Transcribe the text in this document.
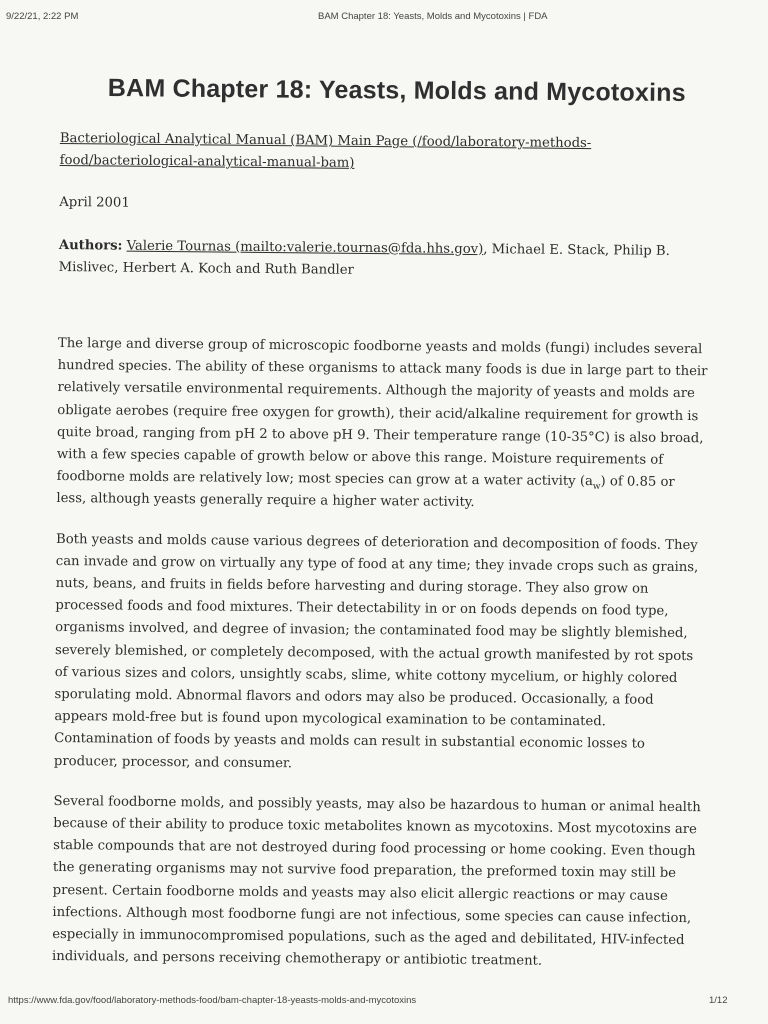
9/22/21, 2:22 PM	BAM Chapter 18: Yeasts, Molds and Mycotoxins | FDA
BAM Chapter 18: Yeasts, Molds and Mycotoxins

Bacteriological Analytical Manual (BAM) Main Page (/food/laboratory-methods-food/bacteriological-analytical-manual-bam)

April 2001

Authors: Valerie Tournas (mailto:valerie.tournas@fda.hhs.gov), Michael E. Stack, Philip B. Mislivec, Herbert A. Koch and Ruth Bandler

The large and diverse group of microscopic foodborne yeasts and molds (fungi) includes several hundred species. The ability of these organisms to attack many foods is due in large part to their relatively versatile environmental requirements. Although the majority of yeasts and molds are obligate aerobes (require free oxygen for growth), their acid/alkaline requirement for growth is quite broad, ranging from pH 2 to above pH 9. Their temperature range (10-35°C) is also broad, with a few species capable of growth below or above this range. Moisture requirements of foodborne molds are relatively low; most species can grow at a water activity $(a_w)$ of 0.85 or less, although yeasts generally require a higher water activity.

Both yeasts and molds cause various degrees of deterioration and decomposition of foods. They can invade and grow on virtually any type of food at any time; they invade crops such as grains, nuts, beans, and fruits in fields before harvesting and during storage. They also grow on processed foods and food mixtures. Their detectability in or on foods depends on food type, organisms involved, and degree of invasion; the contaminated food may be slightly blemished, severely blemished, or completely decomposed, with the actual growth manifested by rot spots of various sizes and colors, unsightly scabs, slime, white cottony mycelium, or highly colored sporulating mold. Abnormal flavors and odors may also be produced. Occasionally, a food appears mold-free but is found upon mycological examination to be contaminated. Contamination of foods by yeasts and molds can result in substantial economic losses to producer, processor, and consumer.

Several foodborne molds, and possibly yeasts, may also be hazardous to human or animal health because of their ability to produce toxic metabolites known as mycotoxins. Most mycotoxins are stable compounds that are not destroyed during food processing or home cooking. Even though the generating organisms may not survive food preparation, the preformed toxin may still be present. Certain foodborne molds and yeasts may also elicit allergic reactions or may cause infections. Although most foodborne fungi are not infectious, some species can cause infection, especially in immunocompromised populations, such as the aged and debilitated, HIV-infected individuals, and persons receiving chemotherapy or antibiotic treatment.

https://www.fda.gov/food/laboratory-methods-food/bam-chapter-18-yeasts-molds-and-mycotoxins	1/12
